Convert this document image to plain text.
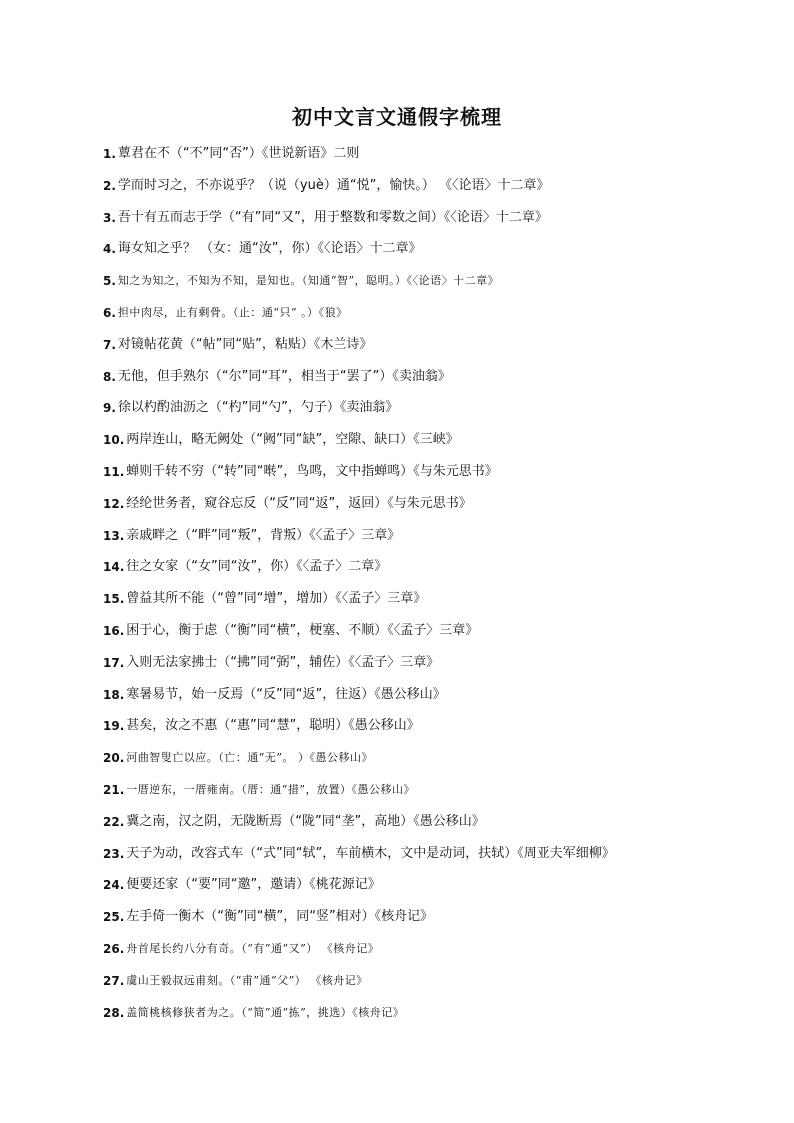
初中文言文通假字梳理
1. 蕈君在不（“不”同“否”）《世说新语》二则
2. 学而时习之，不亦说乎？（说（yuè）通“悦”，愉快。） 《〈论语〉十二章》
3. 吾十有五而志于学（“有”同“又”，用于整数和零数之间）《〈论语〉十二章》
4. 诲女知之乎？ （女：通“汝”，你）《〈论语〉十二章》
5. 知之为知之，不知为不知，是知也。（知通“智”，聪明。）《〈论语〉十二章》
6. 担中肉尽，止有剩骨。（止：通“只” 。）《狼》
7. 对镜帖花黄（“帖”同“贴”，粘贴）《木兰诗》
8. 无他，但手熟尔（“尔”同“耳”，相当于“罢了”）《卖油翁》
9. 徐以杓酌油沥之（“杓”同“勺”，勺子）《卖油翁》
10. 两岸连山，略无阙处（“阙”同“缺”，空隙、缺口）《三峡》
11. 蝉则千转不穷（“转”同“啭”，鸟鸣，文中指蝉鸣）《与朱元思书》
12. 经纶世务者，窥谷忘反（“反”同“返”，返回）《与朱元思书》
13. 亲戚畔之（“畔”同“叛”，背叛）《〈孟子〉三章》
14. 往之女家（“女”同“汝”，你）《〈孟子〉二章》
15. 曾益其所不能（“曾”同“增”，增加）《〈孟子〉三章》
16. 困于心，衡于虑（“衡”同“横”，梗塞、不顺）《〈孟子〉三章》
17. 入则无法家拂士（“拂”同“弼”，辅佐）《〈孟子〉三章》
18. 寒暑易节，始一反焉（“反”同“返”，往返）《愚公移山》
19. 甚矣，汝之不惠（“惠”同“慧”，聪明）《愚公移山》
20. 河曲智叟亡以应。（亡：通“无”。 ）《愚公移山》
21. 一厝逆东，一厝雍南。（厝：通“措”，放置）《愚公移山》
22. 冀之南，汉之阴，无陇断焉（“陇”同“垄”，高地）《愚公移山》
23. 天子为动，改容式车（“式”同“轼”，车前横木，文中是动词，扶轼）《周亚夫军细柳》
24. 便要还家（“要”同“邀”，邀请）《桃花源记》
25. 左手倚一衡木（“衡”同“横”，同“竖”相对）《核舟记》
26. 舟首尾长约八分有奇。（“有”通“又”） 《核舟记》
27. 虞山王毅叔远甫刻。（“甫”通“父”） 《核舟记》
28. 盖简桃核修狭者为之。（“简”通“拣”，挑选）《核舟记》
